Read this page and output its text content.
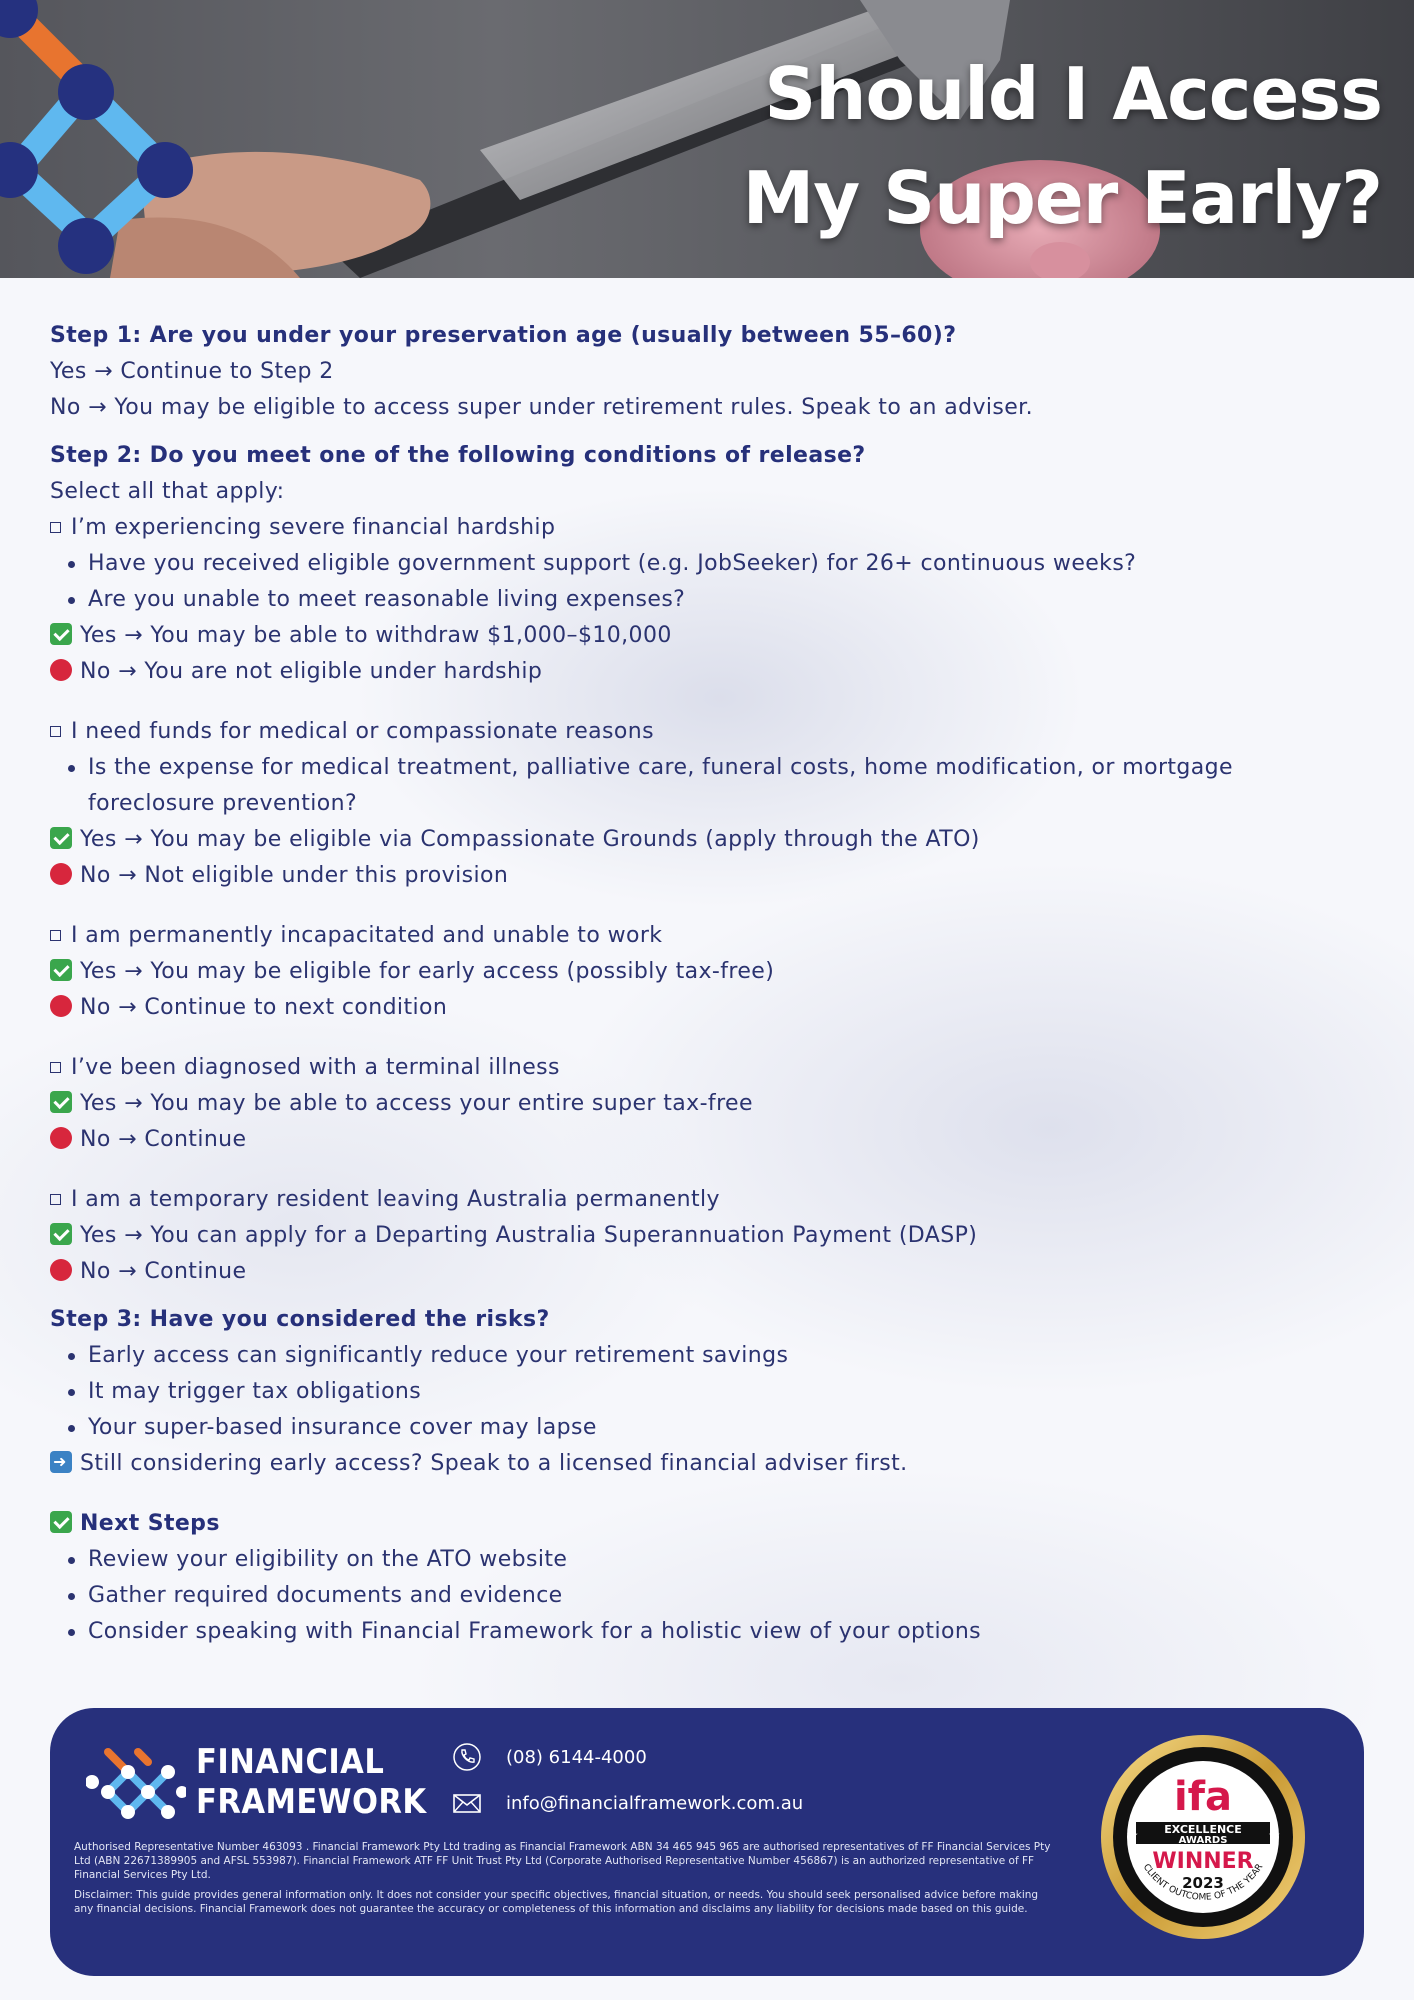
Should I Access
My Super Early?
Step 1: Are you under your preservation age (usually between 55–60)?
Yes → Continue to Step 2
No → You may be eligible to access super under retirement rules. Speak to an adviser.
Step 2: Do you meet one of the following conditions of release?
Select all that apply:
I’m experiencing severe financial hardship
Have you received eligible government support (e.g. JobSeeker) for 26+ continuous weeks?
Are you unable to meet reasonable living expenses?
Yes → You may be able to withdraw $1,000–$10,000
No → You are not eligible under hardship
I need funds for medical or compassionate reasons
Is the expense for medical treatment, palliative care, funeral costs, home modification, or mortgage foreclosure prevention?
Yes → You may be eligible via Compassionate Grounds (apply through the ATO)
No → Not eligible under this provision
I am permanently incapacitated and unable to work
Yes → You may be eligible for early access (possibly tax-free)
No → Continue to next condition
I’ve been diagnosed with a terminal illness
Yes → You may be able to access your entire super tax-free
No → Continue
I am a temporary resident leaving Australia permanently
Yes → You can apply for a Departing Australia Superannuation Payment (DASP)
No → Continue
Step 3: Have you considered the risks?
Early access can significantly reduce your retirement savings
It may trigger tax obligations
Your super-based insurance cover may lapse
➜Still considering early access? Speak to a licensed financial adviser first.
Next Steps
Review your eligibility on the ATO website
Gather required documents and evidence
Consider speaking with Financial Framework for a holistic view of your options
FINANCIAL
FRAMEWORK
(08) 6144-4000
info@financialframework.com.au

Authorised Representative Number 463093 . Financial Framework Pty Ltd trading as Financial Framework ABN 34 465 945 965 are authorised representatives of FF Financial Services Pty Ltd (ABN 22671389905 and AFSL 553987). Financial Framework ATF FF Unit Trust Pty Ltd (Corporate Authorised Representative Number 456867) is an authorized representative of FF Financial Services Pty Ltd.

Disclaimer: This guide provides general information only. It does not consider your specific objectives, financial situation, or needs. You should seek personalised advice before making any financial decisions. Financial Framework does not guarantee the accuracy or completeness of this information and disclaims any liability for decisions made based on this guide.

ifa
EXCELLENCE
AWARDS
★	★
WINNER
2023
CLIENT OUTCOME OF THE YEAR
